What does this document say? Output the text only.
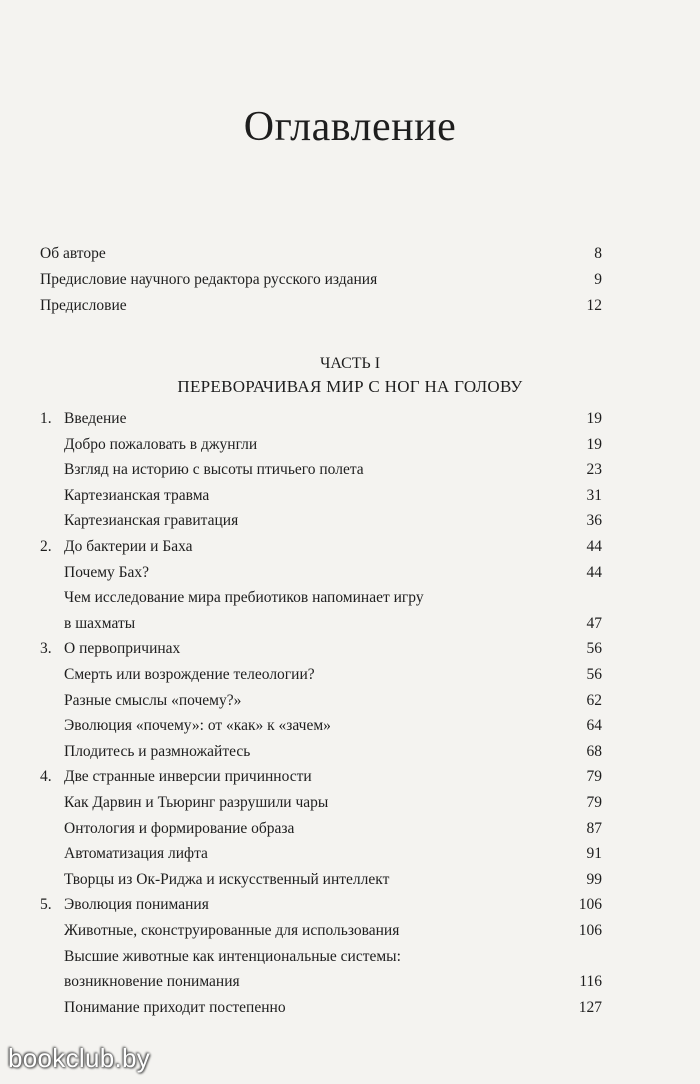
Оглавление
Об авторе	8
Предисловие научного редактора русского издания	9
Предисловие	12
ЧАСТЬ I
ПЕРЕВОРАЧИВАЯ МИР С НОГ НА ГОЛОВУ
1. Введение	19
Добро пожаловать в джунгли	19
Взгляд на историю с высоты птичьего полета	23
Картезианская травма	31
Картезианская гравитация	36
2. До бактерии и Баха	44
Почему Бах?	44
Чем исследование мира пребиотиков напоминает игру
в шахматы	47
3. О первопричинах	56
Смерть или возрождение телеологии?	56
Разные смыслы «почему?»	62
Эволюция «почему»: от «как» к «зачем»	64
Плодитесь и размножайтесь	68
4. Две странные инверсии причинности	79
Как Дарвин и Тьюринг разрушили чары	79
Онтология и формирование образа	87
Автоматизация лифта	91
Творцы из Ок-Риджа и искусственный интеллект	99
5. Эволюция понимания	106
Животные, сконструированные для использования	106
Высшие животные как интенциональные системы:
возникновение понимания	116
Понимание приходит постепенно	127
bookclub.by
